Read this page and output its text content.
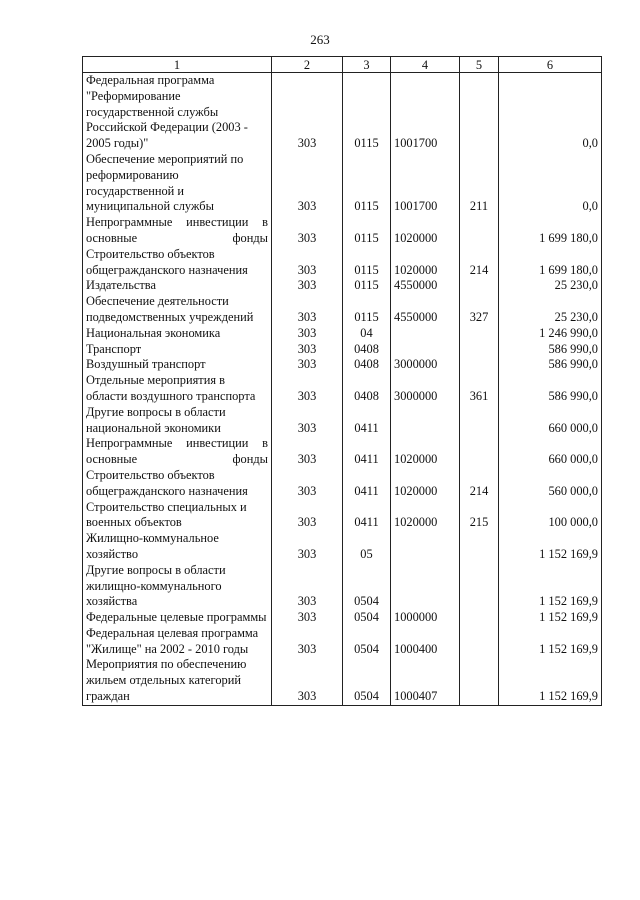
263
1	2	3	4	5	6
Федеральная программа "Реформирование государственной службы Российской Федерации (2003 - 2005 годы)"	303	0115	1001700		0,0
Обеспечение мероприятий по реформированию государственной и муниципальной службы	303	0115	1001700	211	0,0
Непрограммные инвестиции в основные фонды	303	0115	1020000		1 699 180,0
Строительство объектов общегражданского назначения	303	0115	1020000	214	1 699 180,0
Издательства	303	0115	4550000		25 230,0
Обеспечение деятельности подведомственных учреждений	303	0115	4550000	327	25 230,0
Национальная экономика	303	04			1 246 990,0
Транспорт	303	0408			586 990,0
Воздушный транспорт	303	0408	3000000		586 990,0
Отдельные мероприятия в области воздушного транспорта	303	0408	3000000	361	586 990,0
Другие вопросы в области национальной экономики	303	0411			660 000,0
Непрограммные инвестиции в основные фонды	303	0411	1020000		660 000,0
Строительство объектов общегражданского назначения	303	0411	1020000	214	560 000,0
Строительство специальных и военных объектов	303	0411	1020000	215	100 000,0
Жилищно-коммунальное хозяйство	303	05			1 152 169,9
Другие вопросы в области жилищно-коммунального хозяйства	303	0504			1 152 169,9
Федеральные целевые программы	303	0504	1000000		1 152 169,9
Федеральная целевая программа "Жилище" на 2002 - 2010 годы	303	0504	1000400		1 152 169,9
Мероприятия по обеспечению жильем отдельных категорий граждан	303	0504	1000407		1 152 169,9
